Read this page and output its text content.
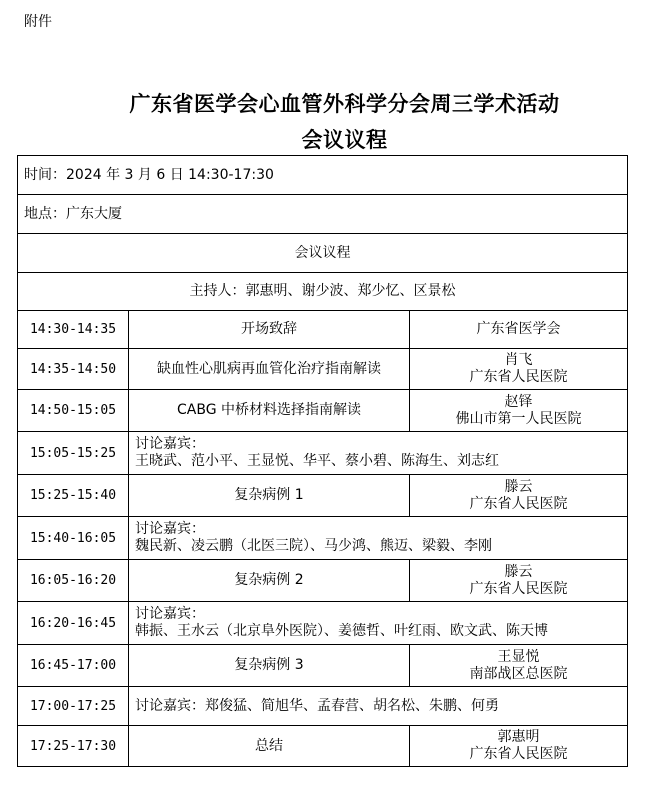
附件
广东省医学会心血管外科学分会周三学术活动
会议议程
时间：2024 年 3 月 6 日 14:30-17:30		
地点：广东大厦		
会议议程		
主持人：郭惠明、谢少波、郑少忆、区景松		
14:30-14:35	开场致辞	广东省医学会

14:35-14:50	缺血性心肌病再血管化治疗指南解读	肖飞
广东省人民医院

14:50-15:05	CABG 中桥材料选择指南解读	赵铎
佛山市第一人民医院

15:05-15:25	讨论嘉宾：
王晓武、范小平、王显悦、华平、蔡小碧、陈海生、刘志红	

15:25-15:40	复杂病例 1	滕云
广东省人民医院

15:40-16:05	讨论嘉宾：
魏民新、凌云鹏（北医三院）、马少鸿、熊迈、梁毅、李刚	

16:05-16:20	复杂病例 2	滕云
广东省人民医院

16:20-16:45	讨论嘉宾：
韩振、王水云（北京阜外医院）、姜德哲、叶红雨、欧文武、陈天博	

16:45-17:00	复杂病例 3	王显悦
南部战区总医院

17:00-17:25	讨论嘉宾：郑俊猛、简旭华、孟春营、胡名松、朱鹏、何勇	
17:25-17:30	总结	郭惠明
广东省人民医院
